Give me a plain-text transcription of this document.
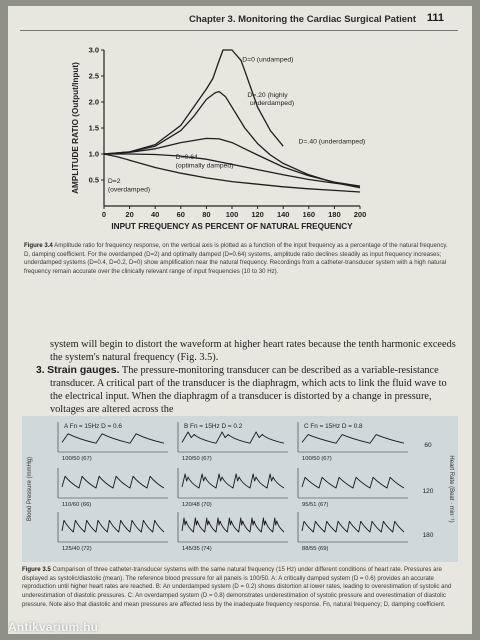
Chapter 3. Monitoring the Cardiac Surgical Patient 111
0	20 40 60 80 100 120 140 160 180 200
0.5
1.0
1.5
2.0
2.5
3.0
INPUT FREQUENCY AS PERCENT OF NATURAL FREQUENCY
AMPLITUDE RATIO (Output/Input)
D=0 (undamped)
D=.20 (highly
underdamped)
D=.40 (underdamped)
D=0.64
(optimally damped)
D=2
(overdamped)
Figure 3.4 Amplitude ratio for frequency response, on the vertical axis is plotted as a function of the input frequency as a percentage of the natural frequency. D, damping coefficient. For the overdamped (D=2) and optimally damped (D=0.64) systems, amplitude ratio declines steadily as input frequency increases; underdamped systems (D=0.4, D=0.2, D=0) show amplification near the natural frequency. Recordings from a catheter-transducer system with a high natural frequency remain accurate over the clinically relevant range of input frequencies (10 to 30 Hz).

system will begin to distort the waveform at higher heart rates because the tenth harmonic exceeds the system's natural frequency (Fig. 3.5).

3. Strain gauges. The pressure-monitoring transducer can be described as a variable-resistance transducer. A critical part of the transducer is the diaphragm, which acts to link the fluid wave to the electrical input. When the diaphragm of a transducer is distorted by a change in pressure, voltages are altered across the

Blood Pressure (mmHg)	Heart Rate (Beat · min⁻¹)
60
120
180
A Fn = 15Hz D = 0.6
100/50 (67)
110/60 (66)
125/40 (72)
B Fn = 15Hz D = 0.2
120/50 (67)
120/48 (70)
145/35 (74)
C Fn = 15Hz D = 0.8
100/50 (67)
95/51 (67)
88/55 (69)
Figure 3.5 Comparison of three catheter-transducer systems with the same natural frequency (15 Hz) under different conditions of heart rate. Pressures are displayed as systolic/diastolic (mean). The reference blood pressure for all panels is 100/50. A: A critically damped system (D = 0.6) provides an accurate reproduction until higher heart rates are reached. B: An underdamped system (D = 0.2) shows distortion at lower rates, leading to overestimation of systolic and underestimation of diastolic pressures. C: An overdamped system (D = 0.8) demonstrates underestimation of systolic pressure and overestimation of diastolic pressure. Note also that diastolic and mean pressures are affected less by the inadequate frequency response. Fn, natural frequency; D, damping coefficient.
Antikvarium.hu
